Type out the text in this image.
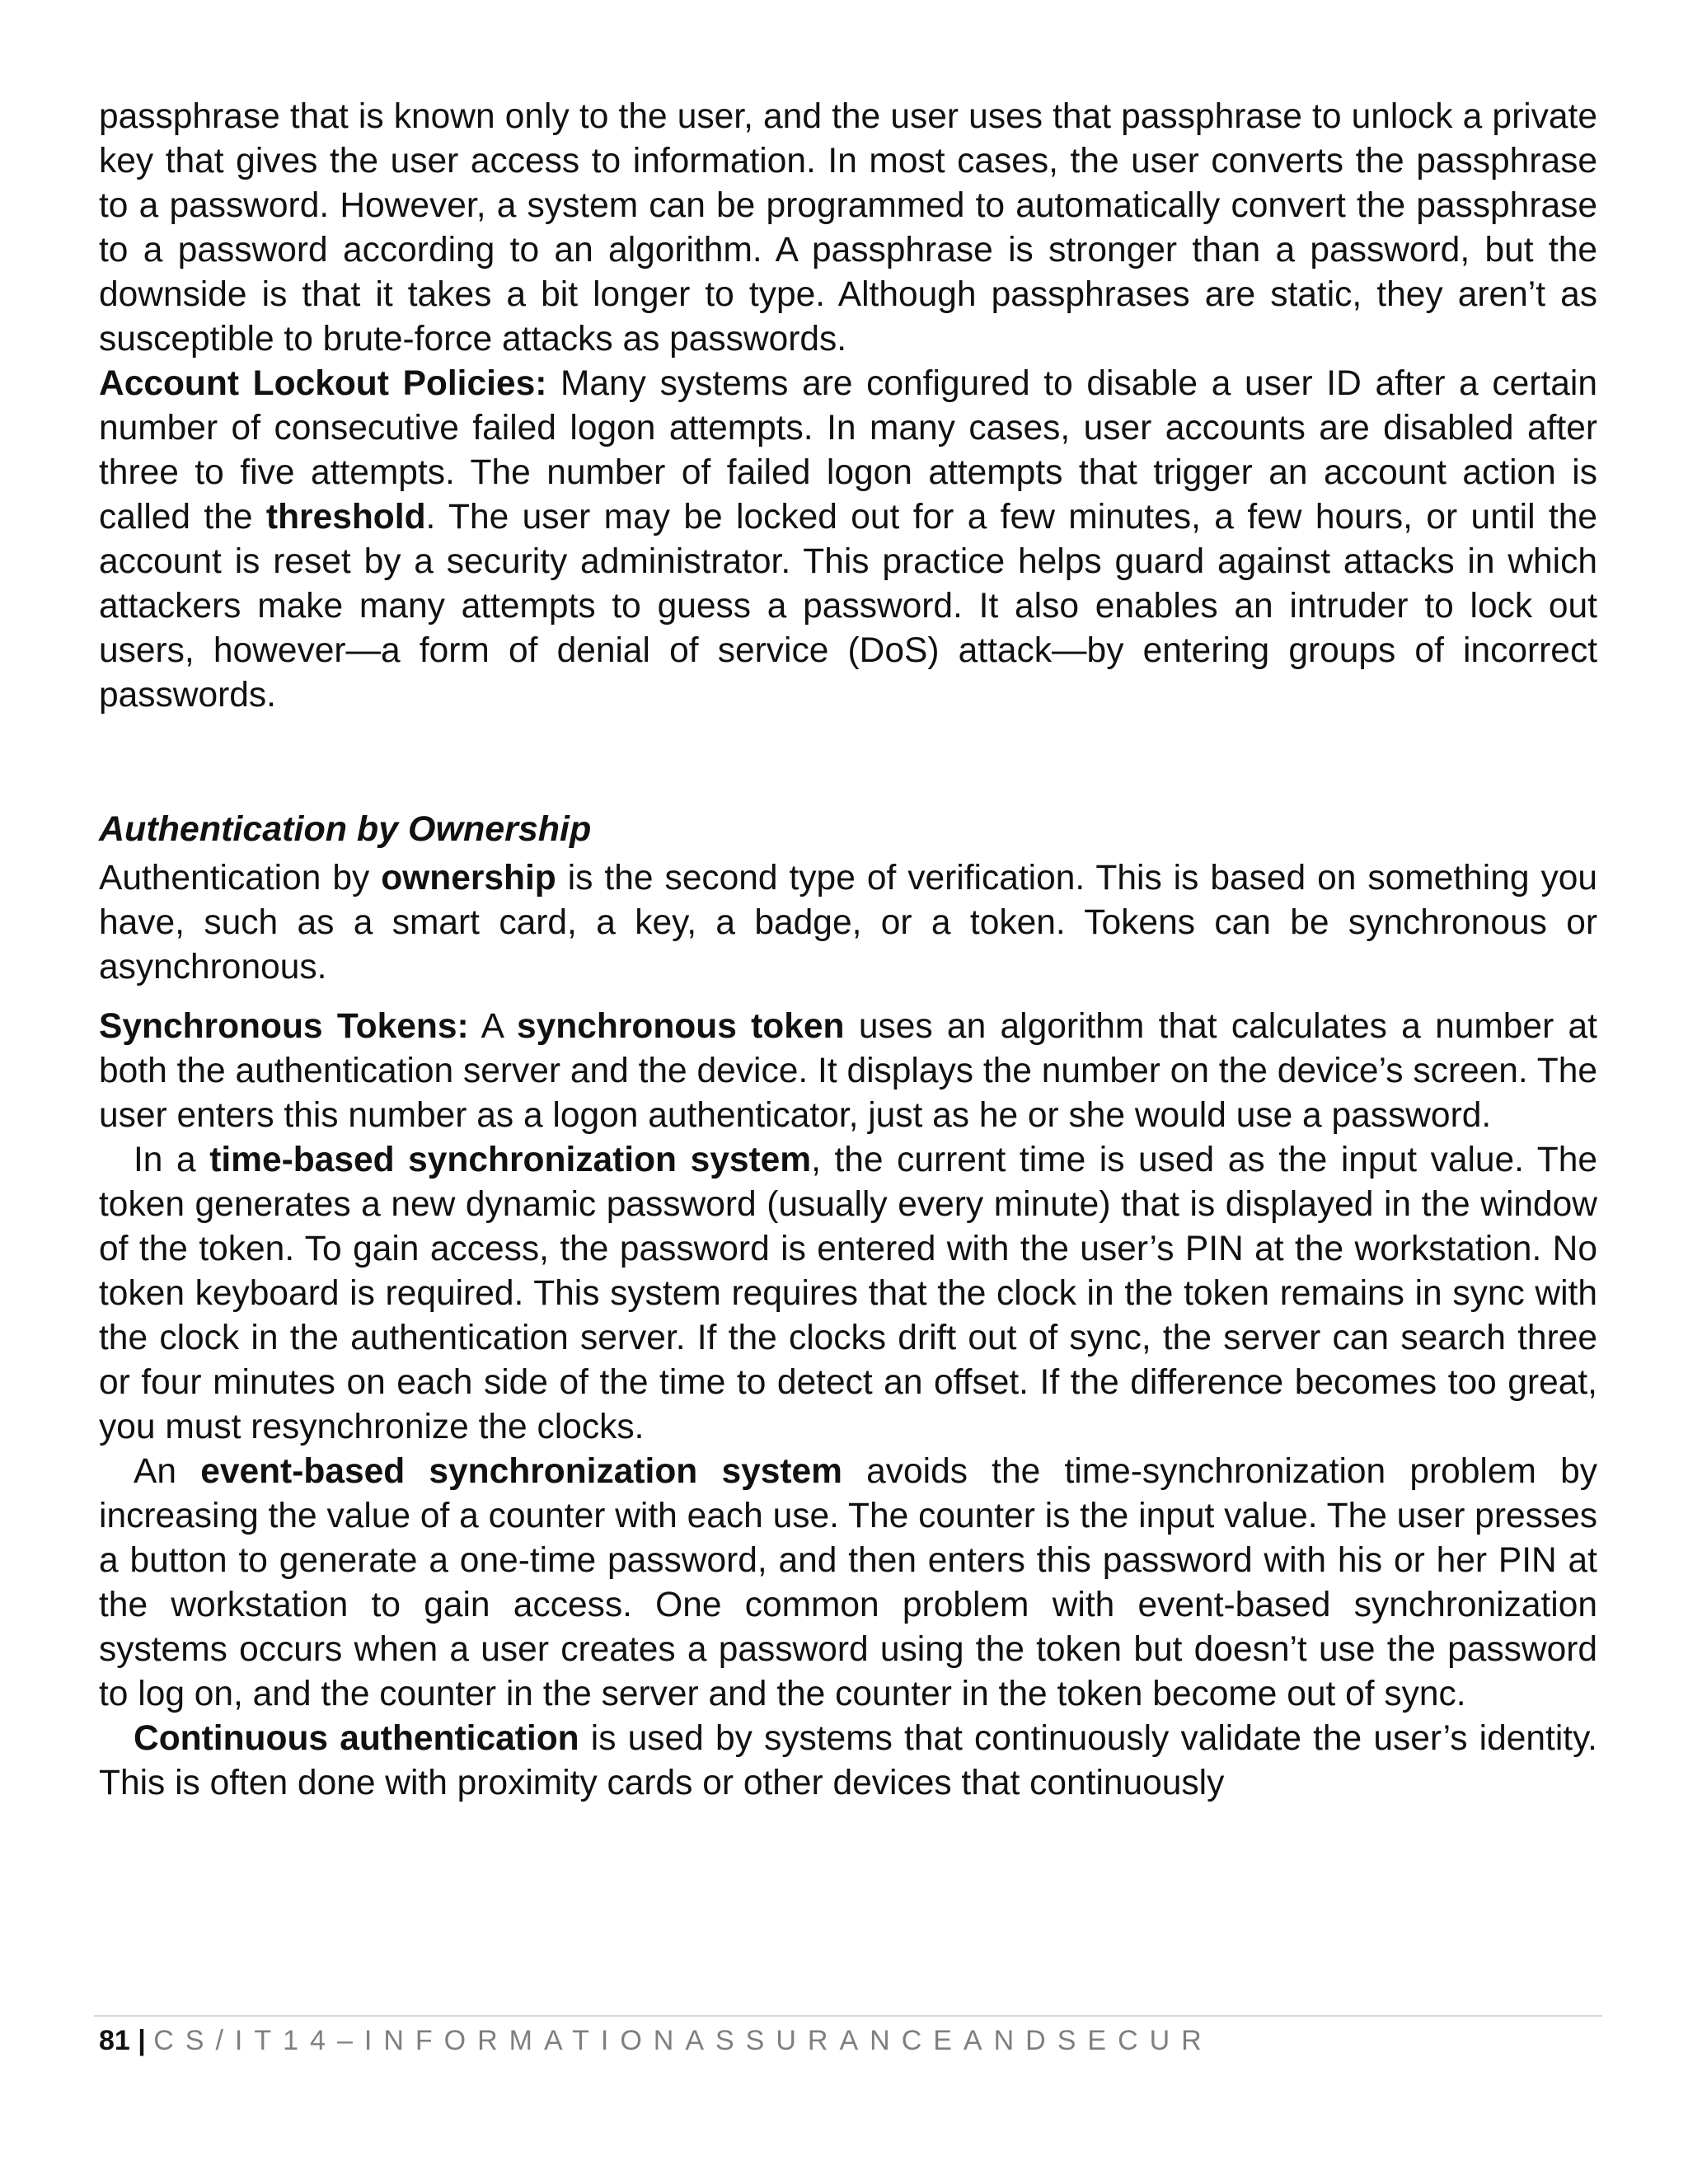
passphrase that is known only to the user, and the user uses that passphrase to unlock a private key that gives the user access to information. In most cases, the user converts the passphrase to a password. However, a system can be programmed to automatically convert the passphrase to a password according to an algorithm. A passphrase is stronger than a password, but the downside is that it takes a bit longer to type. Although passphrases are static, they aren’t as susceptible to brute-force attacks as passwords.

Account Lockout Policies: Many systems are configured to disable a user ID after a certain number of consecutive failed logon attempts. In many cases, user accounts are disabled after three to five attempts. The number of failed logon attempts that trigger an account action is called the threshold. The user may be locked out for a few minutes, a few hours, or until the account is reset by a security administrator. This practice helps guard against attacks in which attackers make many attempts to guess a password. It also enables an intruder to lock out users, however—a form of denial of service (DoS) attack—by entering groups of incorrect passwords.

Authentication by Ownership

Authentication by ownership is the second type of verification. This is based on something you have, such as a smart card, a key, a badge, or a token. Tokens can be synchronous or asynchronous.

Synchronous Tokens: A synchronous token uses an algorithm that calculates a number at both the authentication server and the device. It displays the number on the device’s screen. The user enters this number as a logon authenticator, just as he or she would use a password.

In a time-based synchronization system, the current time is used as the input value. The token generates a new dynamic password (usually every minute) that is displayed in the window of the token. To gain access, the password is entered with the user’s PIN at the workstation. No token keyboard is required. This system requires that the clock in the token remains in sync with the clock in the authentication server. If the clocks drift out of sync, the server can search three or four minutes on each side of the time to detect an offset. If the difference becomes too great, you must resynchronize the clocks.

An event-based synchronization system avoids the time-synchronization problem by increasing the value of a counter with each use. The counter is the input value. The user presses a button to generate a one-time password, and then enters this password with his or her PIN at the workstation to gain access. One common problem with event-based synchronization systems occurs when a user creates a password using the token but doesn’t use the password to log on, and the counter in the server and the counter in the token become out of sync.

Continuous authentication is used by systems that continuously validate the user’s identity. This is often done with proximity cards or other devices that continuously

81 | CS/IT14–INFORMATIONASSURANCEANDSECUR
